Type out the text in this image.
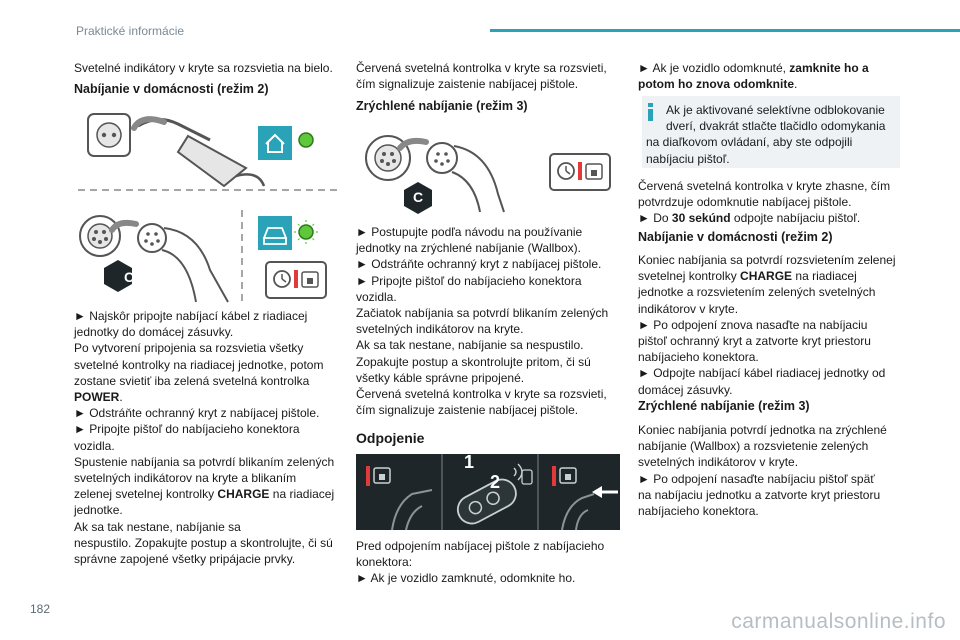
Praktické informácie
Svetelné indikátory v kryte sa rozsvietia na bielo.
Nabíjanie v domácnosti (režim 2)
C
► Najskôr pripojte nabíjací kábel z riadiacej
jednotky do domácej zásuvky.
Po vytvorení pripojenia sa rozsvietia všetky
svetelné kontrolky na riadiacej jednotke, potom
zostane svietiť iba zelená svetelná kontrolka
POWER.
► Odstráňte ochranný kryt z nabíjacej pištole.
► Pripojte pištoľ do nabíjacieho konektora
vozidla.
Spustenie nabíjania sa potvrdí blikaním zelených
svetelných indikátorov na kryte a blikaním
zelenej svetelnej kontrolky CHARGE na riadiacej
jednotke.
Ak sa tak nestane, nabíjanie sa
nespustilo. Zopakujte postup a skontrolujte, či sú
správne zapojené všetky pripájacie prvky.
Červená svetelná kontrolka v kryte sa rozsvieti,
čím signalizuje zaistenie nabíjacej pištole.
Zrýchlené nabíjanie (režim 3)
C
► Postupujte podľa návodu na používanie
jednotky na zrýchlené nabíjanie (Wallbox).
► Odstráňte ochranný kryt z nabíjacej pištole.
► Pripojte pištoľ do nabíjacieho konektora
vozidla.
Začiatok nabíjania sa potvrdí blikaním zelených
svetelných indikátorov na kryte.
Ak sa tak nestane, nabíjanie sa nespustilo.
Zopakujte postup a skontrolujte pritom, či sú
všetky káble správne pripojené.
Červená svetelná kontrolka v kryte sa rozsvieti,
čím signalizuje zaistenie nabíjacej pištole.
Odpojenie
1
2
Pred odpojením nabíjacej pištole z nabíjacieho
konektora:
► Ak je vozidlo zamknuté, odomknite ho.
► Ak je vozidlo odomknuté, zamknite ho a
potom ho znova odomknite.
Ak je aktivované selektívne odblokovanie
dverí, dvakrát stlačte tlačidlo odomykania
na diaľkovom ovládaní, aby ste odpojili
nabíjaciu pištoľ.
Červená svetelná kontrolka v kryte zhasne, čím
potvrdzuje odomknutie nabíjacej pištole.
► Do 30 sekúnd odpojte nabíjaciu pištoľ.
Nabíjanie v domácnosti (režim 2)
Koniec nabíjania sa potvrdí rozsvietením zelenej
svetelnej kontrolky CHARGE na riadiacej
jednotke a rozsvietením zelených svetelných
indikátorov v kryte.
► Po odpojení znova nasaďte na nabíjaciu
pištoľ ochranný kryt a zatvorte kryt priestoru
nabíjacieho konektora.
► Odpojte nabíjací kábel riadiacej jednotky od
domácej zásuvky.
Zrýchlené nabíjanie (režim 3)
Koniec nabíjania potvrdí jednotka na zrýchlené
nabíjanie (Wallbox) a rozsvietenie zelených
svetelných indikátorov v kryte.
► Po odpojení nasaďte nabíjaciu pištoľ späť
na nabíjaciu jednotku a zatvorte kryt priestoru
nabíjacieho konektora.
182
carmanualsonline.info
